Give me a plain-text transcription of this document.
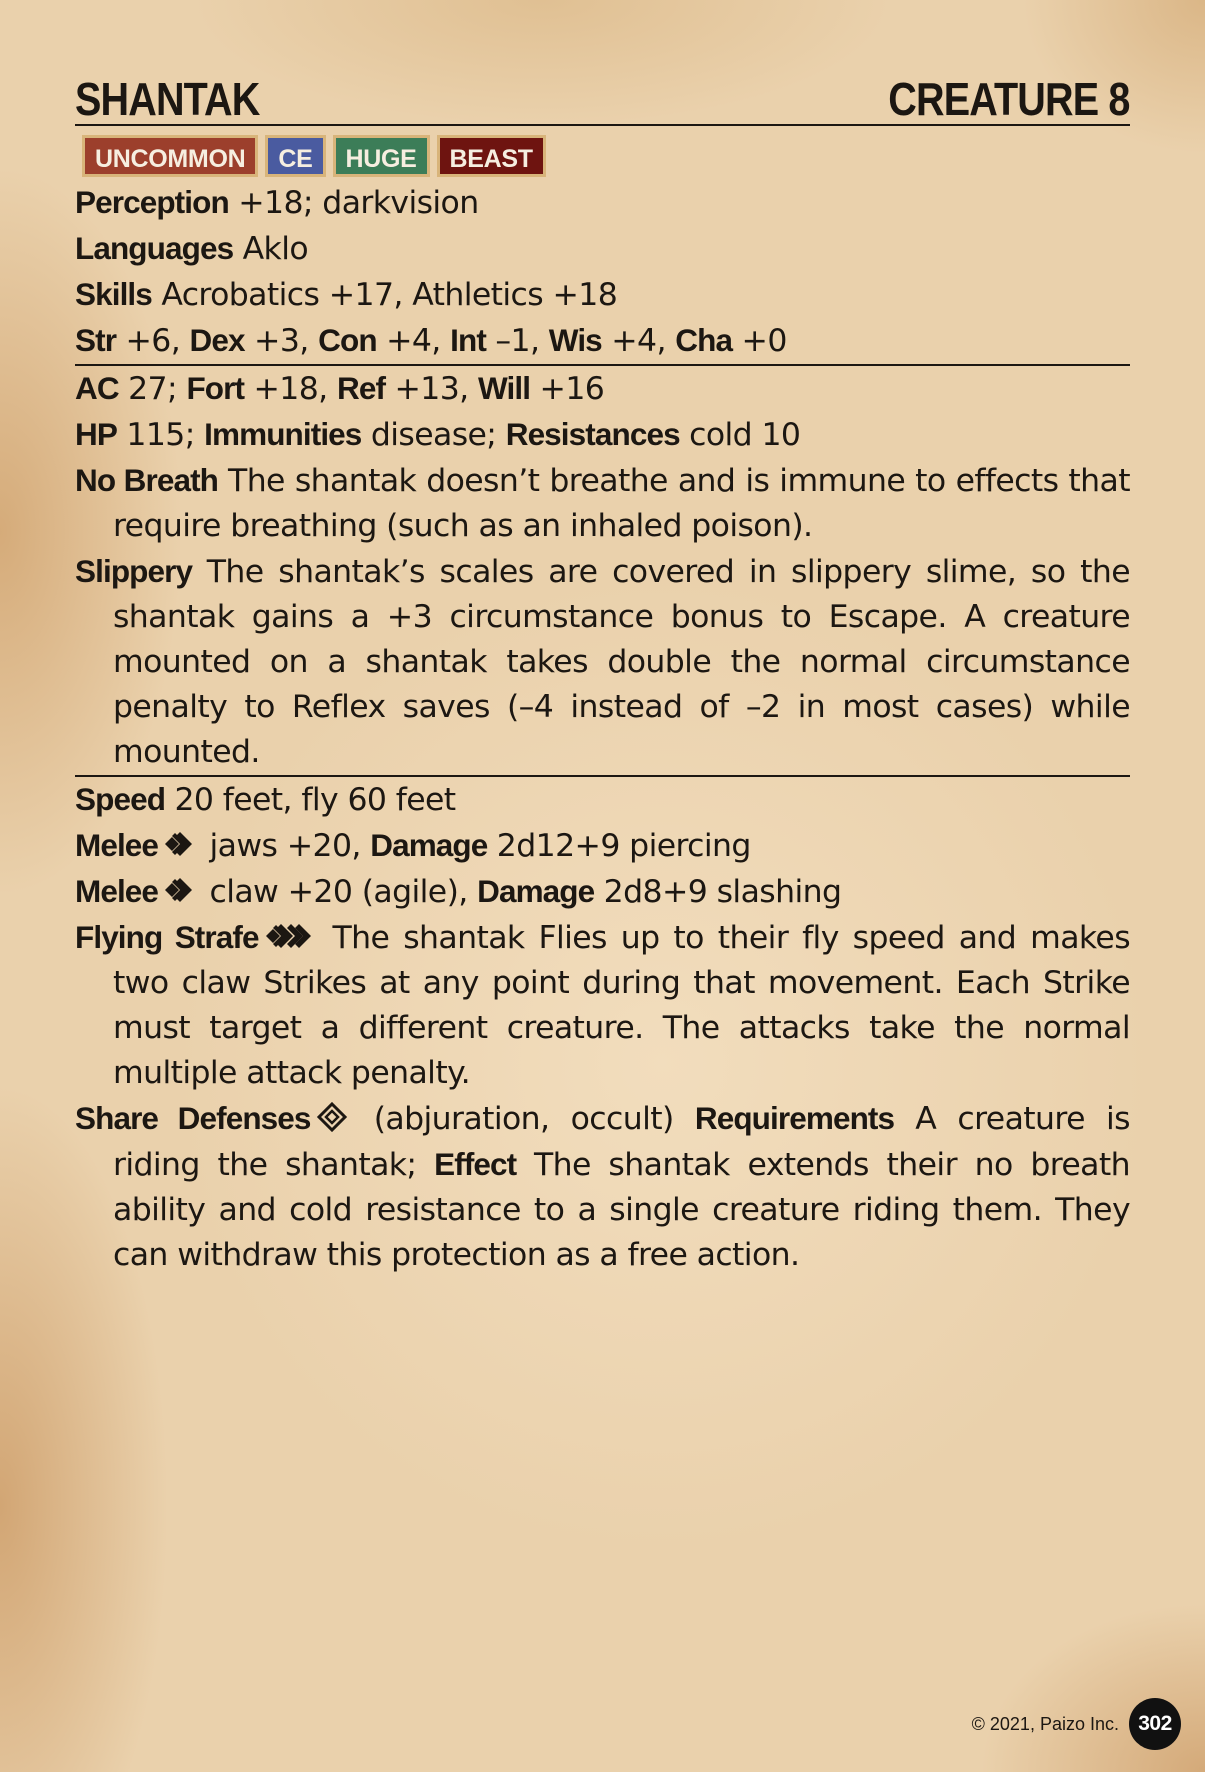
SHANTAK	CREATURE 8
UNCOMMON	CE	HUGE	BEAST
Perception +18; darkvision
Languages Aklo
Skills Acrobatics +17, Athletics +18
Str +6, Dex +3, Con +4, Int –1, Wis +4, Cha +0
AC 27; Fort +18, Ref +13, Will +16
HP 115; Immunities disease; Resistances cold 10
No Breath The shantak doesn’t breathe and is immune to effects that require breathing (such as an inhaled poison).
Slippery The shantak’s scales are covered in slippery slime, so the shantak gains a +3 circumstance bonus to Escape. A creature mounted on a shantak takes double the normal circumstance penalty to Reflex saves (–4 instead of –2 in most cases) while mounted.
Speed 20 feet, fly 60 feet
Melee jaws +20, Damage 2d12+9 piercing
Melee claw +20 (agile), Damage 2d8+9 slashing
Flying Strafe The shantak Flies up to their fly speed and makes two claw Strikes at any point during that movement. Each Strike must target a different creature. The attacks take the normal multiple attack penalty.
Share Defenses (abjuration, occult) Requirements A creature is riding the shantak; Effect The shantak extends their no breath ability and cold resistance to a single creature riding them. They can withdraw this protection as a free action.
© 2021, Paizo Inc. 302
